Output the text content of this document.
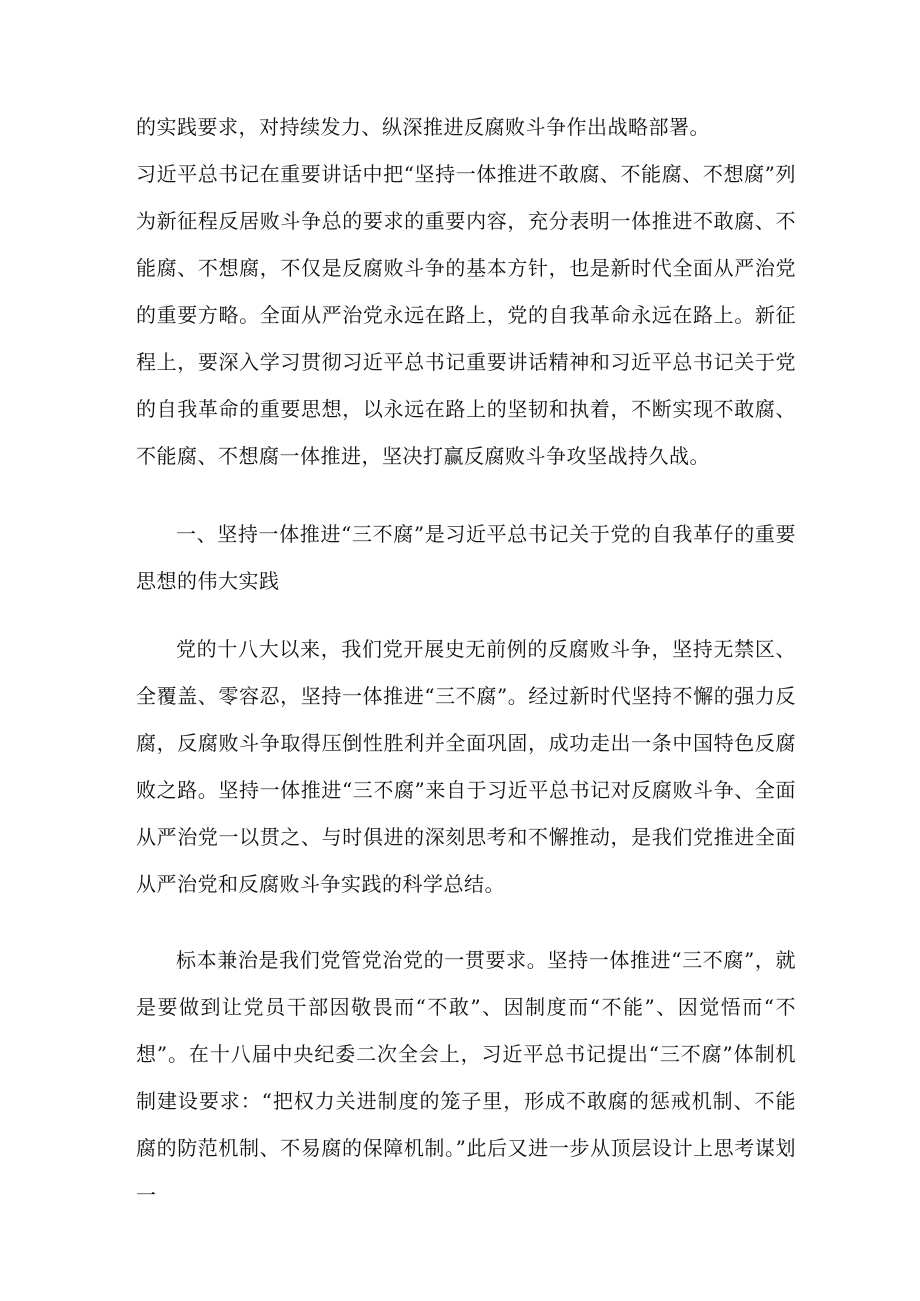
的实践要求，对持续发力、纵深推进反腐败斗争作出战略部署。

习近平总书记在重要讲话中把“坚持一体推进不敢腐、不能腐、不想腐”列为新征程反居败斗争总的要求的重要内容，充分表明一体推进不敢腐、不能腐、不想腐，不仅是反腐败斗争的基本方针，也是新时代全面从严治党的重要方略。全面从严治党永远在路上，党的自我革命永远在路上。新征程上，要深入学习贯彻习近平总书记重要讲话精神和习近平总书记关于党的自我革命的重要思想，以永远在路上的坚韧和执着，不断实现不敢腐、不能腐、不想腐一体推进，坚决打赢反腐败斗争攻坚战持久战。

一、坚持一体推进“三不腐”是习近平总书记关于党的自我革仔的重要思想的伟大实践

党的十八大以来，我们党开展史无前例的反腐败斗争，坚持无禁区、全覆盖、零容忍，坚持一体推进“三不腐”。经过新时代坚持不懈的强力反腐，反腐败斗争取得压倒性胜利并全面巩固，成功走出一条中国特色反腐败之路。坚持一体推进“三不腐”来自于习近平总书记对反腐败斗争、全面从严治党一以贯之、与时俱进的深刻思考和不懈推动，是我们党推进全面从严治党和反腐败斗争实践的科学总结。

标本兼治是我们党管党治党的一贯要求。坚持一体推进“三不腐”，就是要做到让党员干部因敬畏而“不敢”、因制度而“不能”、因觉悟而“不想”。在十八届中央纪委二次全会上，习近平总书记提出“三不腐”体制机制建设要求：“把权力关进制度的笼子里，形成不敢腐的惩戒机制、不能腐的防范机制、不易腐的保障机制。”此后又进一步从顶层设计上思考谋划一
